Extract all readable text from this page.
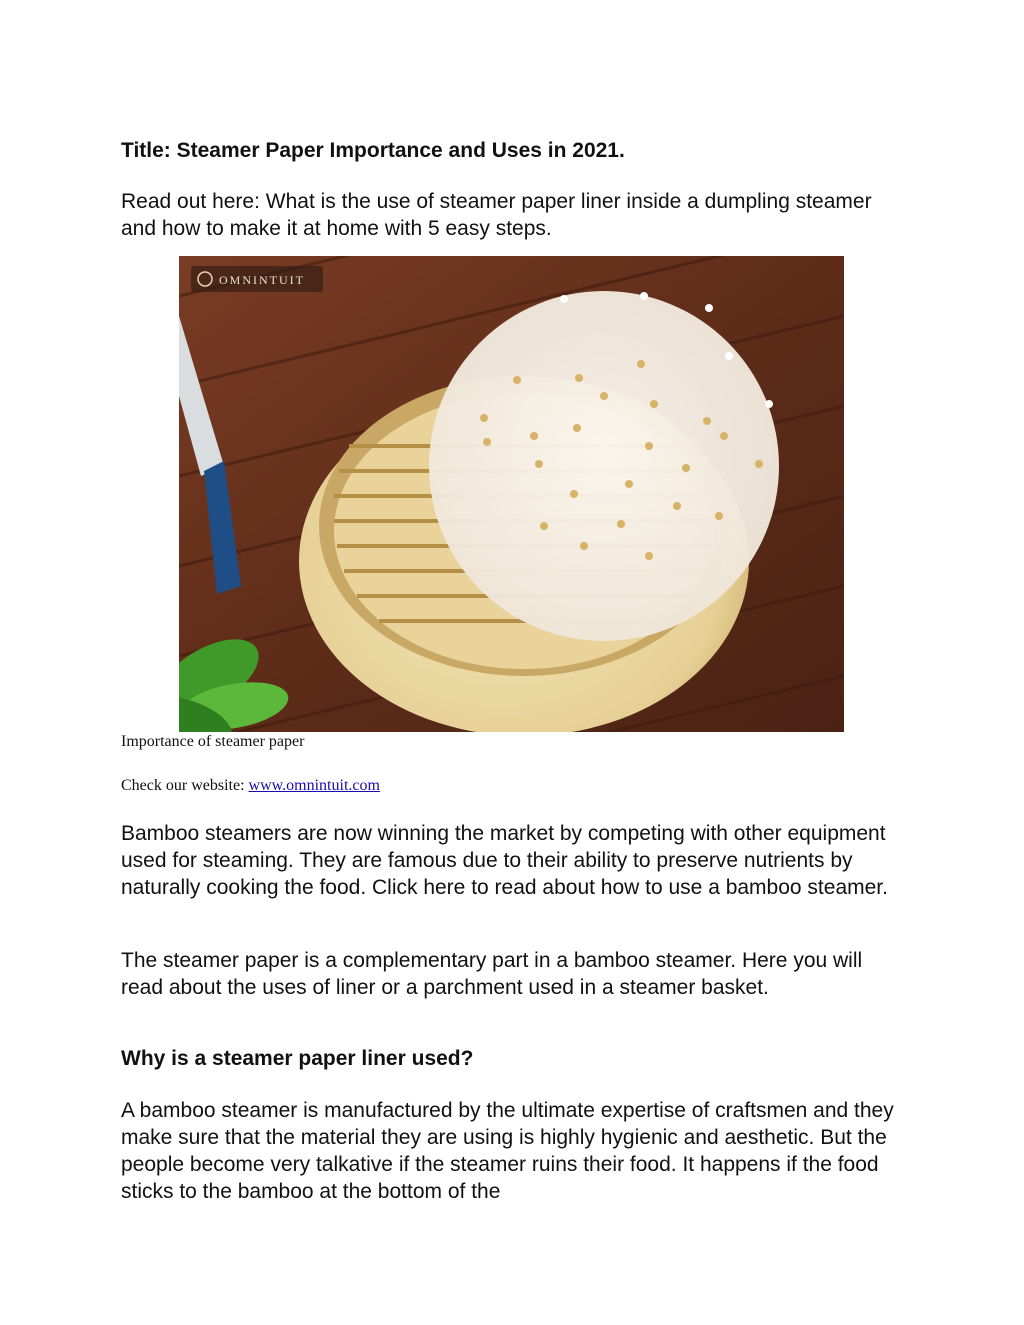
Title: Steamer Paper Importance and Uses in 2021.

Read out here: What is the use of steamer paper liner inside a dumpling steamer and how to make it at home with 5 easy steps.

OMNINTUIT

Importance of steamer paper

Check our website: www.omnintuit.com

Bamboo steamers are now winning the market by competing with other equipment used for steaming. They are famous due to their ability to preserve nutrients by naturally cooking the food. Click here to read about how to use a bamboo steamer.

The steamer paper is a complementary part in a bamboo steamer. Here you will read about the uses of liner or a parchment used in a steamer basket.

Why is a steamer paper liner used?

A bamboo steamer is manufactured by the ultimate expertise of craftsmen and they make sure that the material they are using is highly hygienic and aesthetic. But the people become very talkative if the steamer ruins their food. It happens if the food sticks to the bamboo at the bottom of the
